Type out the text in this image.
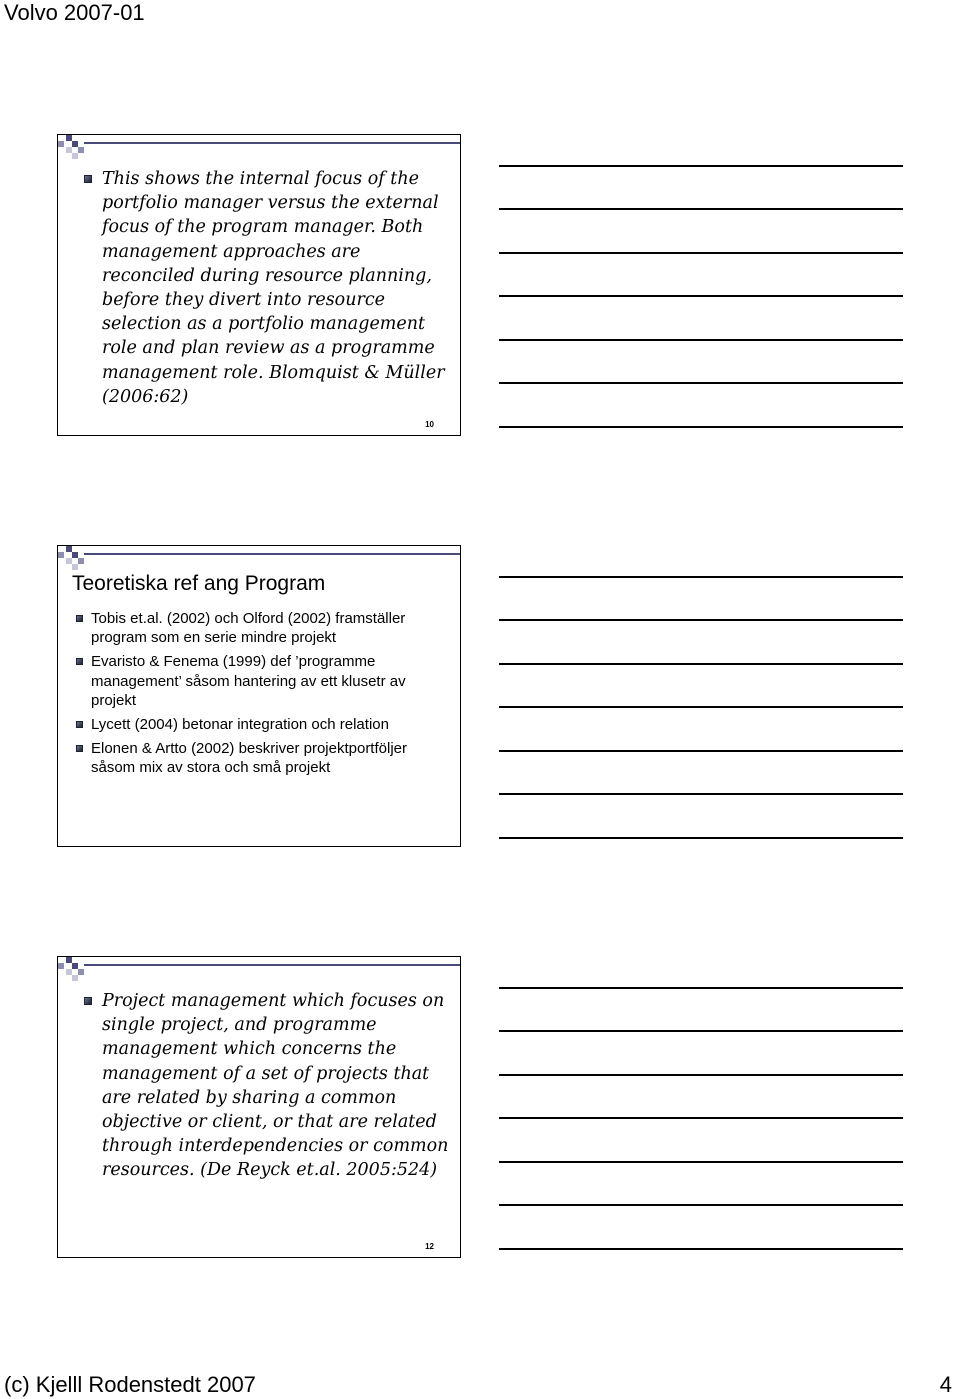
Volvo 2007-01
This shows the internal focus of the portfolio manager versus the external focus of the program manager. Both management approaches are reconciled during resource planning, before they divert into resource selection as a portfolio management role and plan review as a programme management role. Blomquist & Müller (2006:62)
10
Teoretiska ref ang Program
Tobis et.al. (2002) och Olford (2002) framställer program som en serie mindre projekt
Evaristo & Fenema (1999) def ’programme management’ såsom hantering av ett klusetr av projekt
Lycett (2004) betonar integration och relation
Elonen & Artto (2002) beskriver projektportföljer såsom mix av stora och små projekt
Project management which focuses on single project, and programme management which concerns the management of a set of projects that are related by sharing a common objective or client, or that are related through interdependencies or common resources. (De Reyck et.al. 2005:524)
12
(c) Kjelll Rodenstedt 2007	4
